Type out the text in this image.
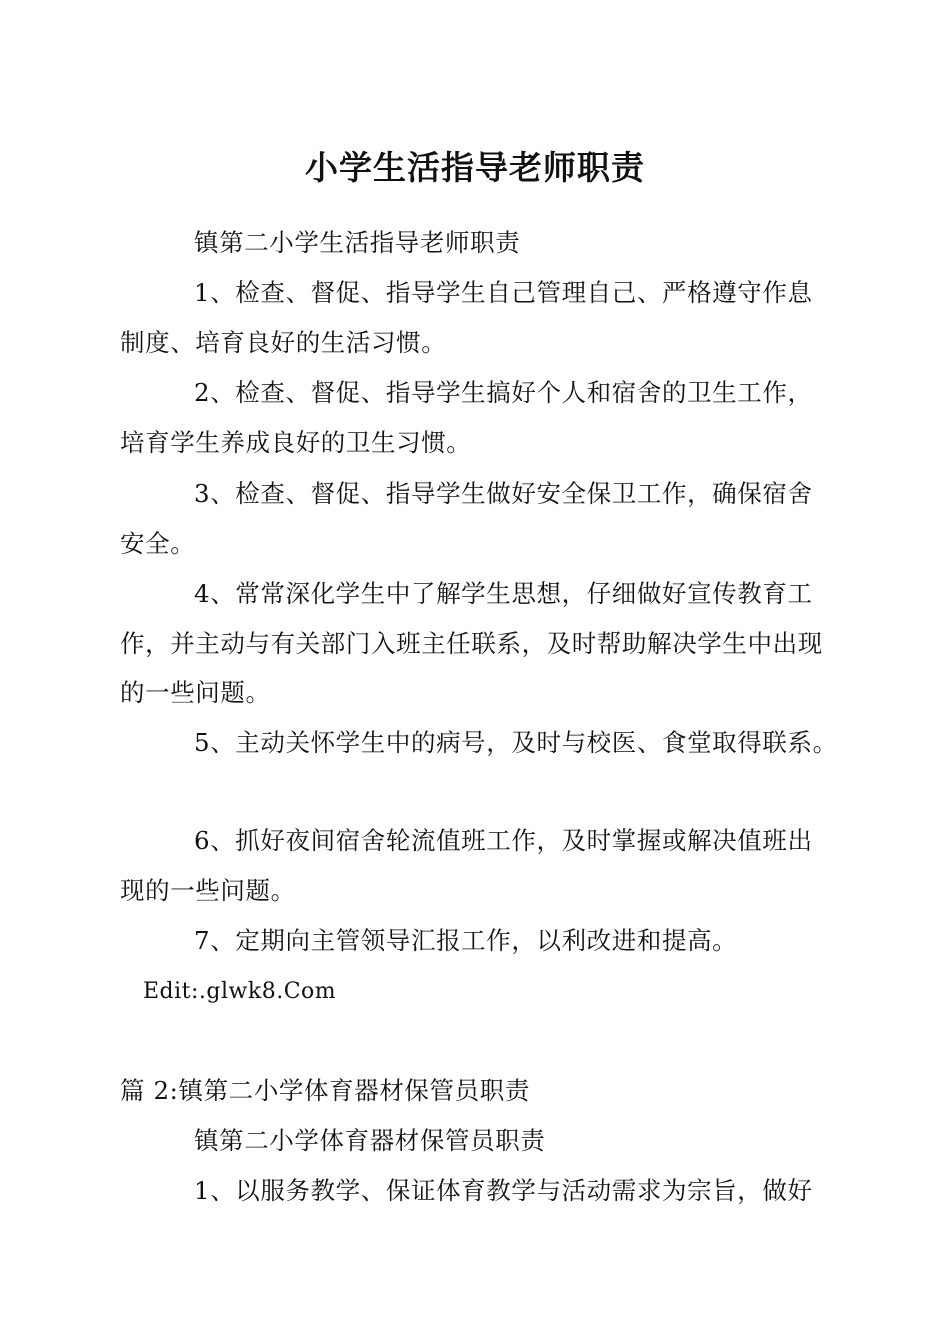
小学生活指导老师职责
镇第二小学生活指导老师职责
1、检查、督促、指导学生自己管理自己、严格遵守作息
制度、培育良好的生活习惯。
2、检查、督促、指导学生搞好个人和宿舍的卫生工作，
培育学生养成良好的卫生习惯。
3、检查、督促、指导学生做好安全保卫工作，确保宿舍
安全。
4、常常深化学生中了解学生思想，仔细做好宣传教育工
作，并主动与有关部门入班主任联系，及时帮助解决学生中出现
的一些问题。
5、主动关怀学生中的病号，及时与校医、食堂取得联系。
6、抓好夜间宿舍轮流值班工作，及时掌握或解决值班出
现的一些问题。
7、定期向主管领导汇报工作，以利改进和提高。
Edit:.glwk8.Com
篇 2:镇第二小学体育器材保管员职责
镇第二小学体育器材保管员职责
1、以服务教学、保证体育教学与活动需求为宗旨，做好
